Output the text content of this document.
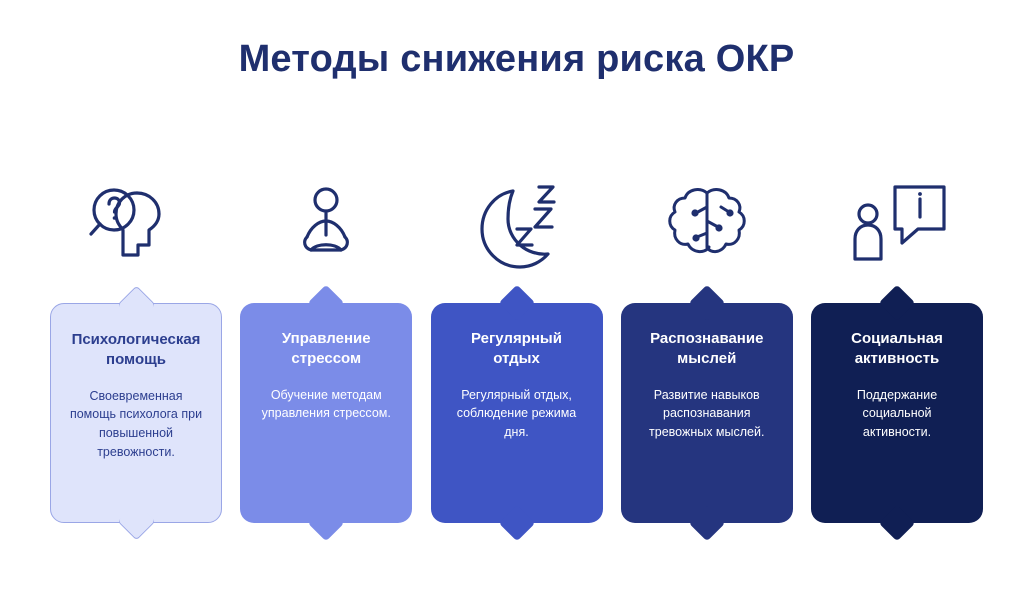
Методы снижения риска ОКР
Психологическая помощь
Своевременная помощь психолога при повышенной тревожности.
Управление стрессом
Обучение методам управления стрессом.
Регулярный отдых
Регулярный отдых, соблюдение режима дня.
Распознавание мыслей
Развитие навыков распознавания тревожных мыслей.
Социальная активность
Поддержание социальной активности.
